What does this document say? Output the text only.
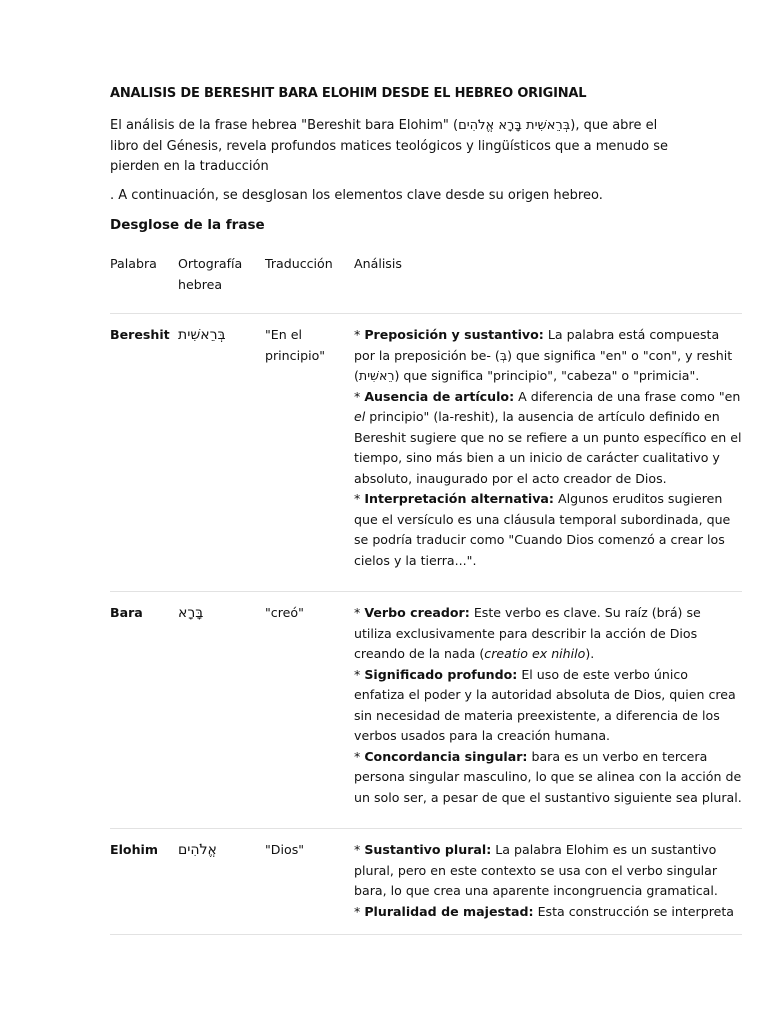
ANALISIS DE BERESHIT BARA ELOHIM DESDE EL HEBREO ORIGINAL

El análisis de la frase hebrea "Bereshit bara Elohim" (בְּרֵאשִׁית בָּרָא אֱלֹהִים), que abre el libro del Génesis, revela profundos matices teológicos y lingüísticos que a menudo se pierden en la traducción

. A continuación, se desglosan los elementos clave desde su origen hebreo.

Desglose de la frase
Palabra	Ortografía hebrea	Traducción	Análisis
Bereshit	בְּרֵאשִׁית	"En el principio"	* Preposición y sustantivo: La palabra está compuesta por la preposición be- (בְּ) que significa "en" o "con", y reshit (רֵאשִׁית) que significa "principio", "cabeza" o "primicia".
* Ausencia de artículo: A diferencia de una frase como "en el principio" (la-reshit), la ausencia de artículo definido en Bereshit sugiere que no se refiere a un punto específico en el tiempo, sino más bien a un inicio de carácter cualitativo y absoluto, inaugurado por el acto creador de Dios.
* Interpretación alternativa: Algunos eruditos sugieren que el versículo es una cláusula temporal subordinada, que se podría traducir como "Cuando Dios comenzó a crear los cielos y la tierra...".

Bara	בָּרָא	"creó"	* Verbo creador: Este verbo es clave. Su raíz (brá) se utiliza exclusivamente para describir la acción de Dios creando de la nada (creatio ex nihilo).
* Significado profundo: El uso de este verbo único enfatiza el poder y la autoridad absoluta de Dios, quien crea sin necesidad de materia preexistente, a diferencia de los verbos usados para la creación humana.
* Concordancia singular: bara es un verbo en tercera persona singular masculino, lo que se alinea con la acción de un solo ser, a pesar de que el sustantivo siguiente sea plural.

Elohim	אֱלֹהִים	"Dios"	* Sustantivo plural: La palabra Elohim es un sustantivo plural, pero en este contexto se usa con el verbo singular bara, lo que crea una aparente incongruencia gramatical.
* Pluralidad de majestad: Esta construcción se interpreta
